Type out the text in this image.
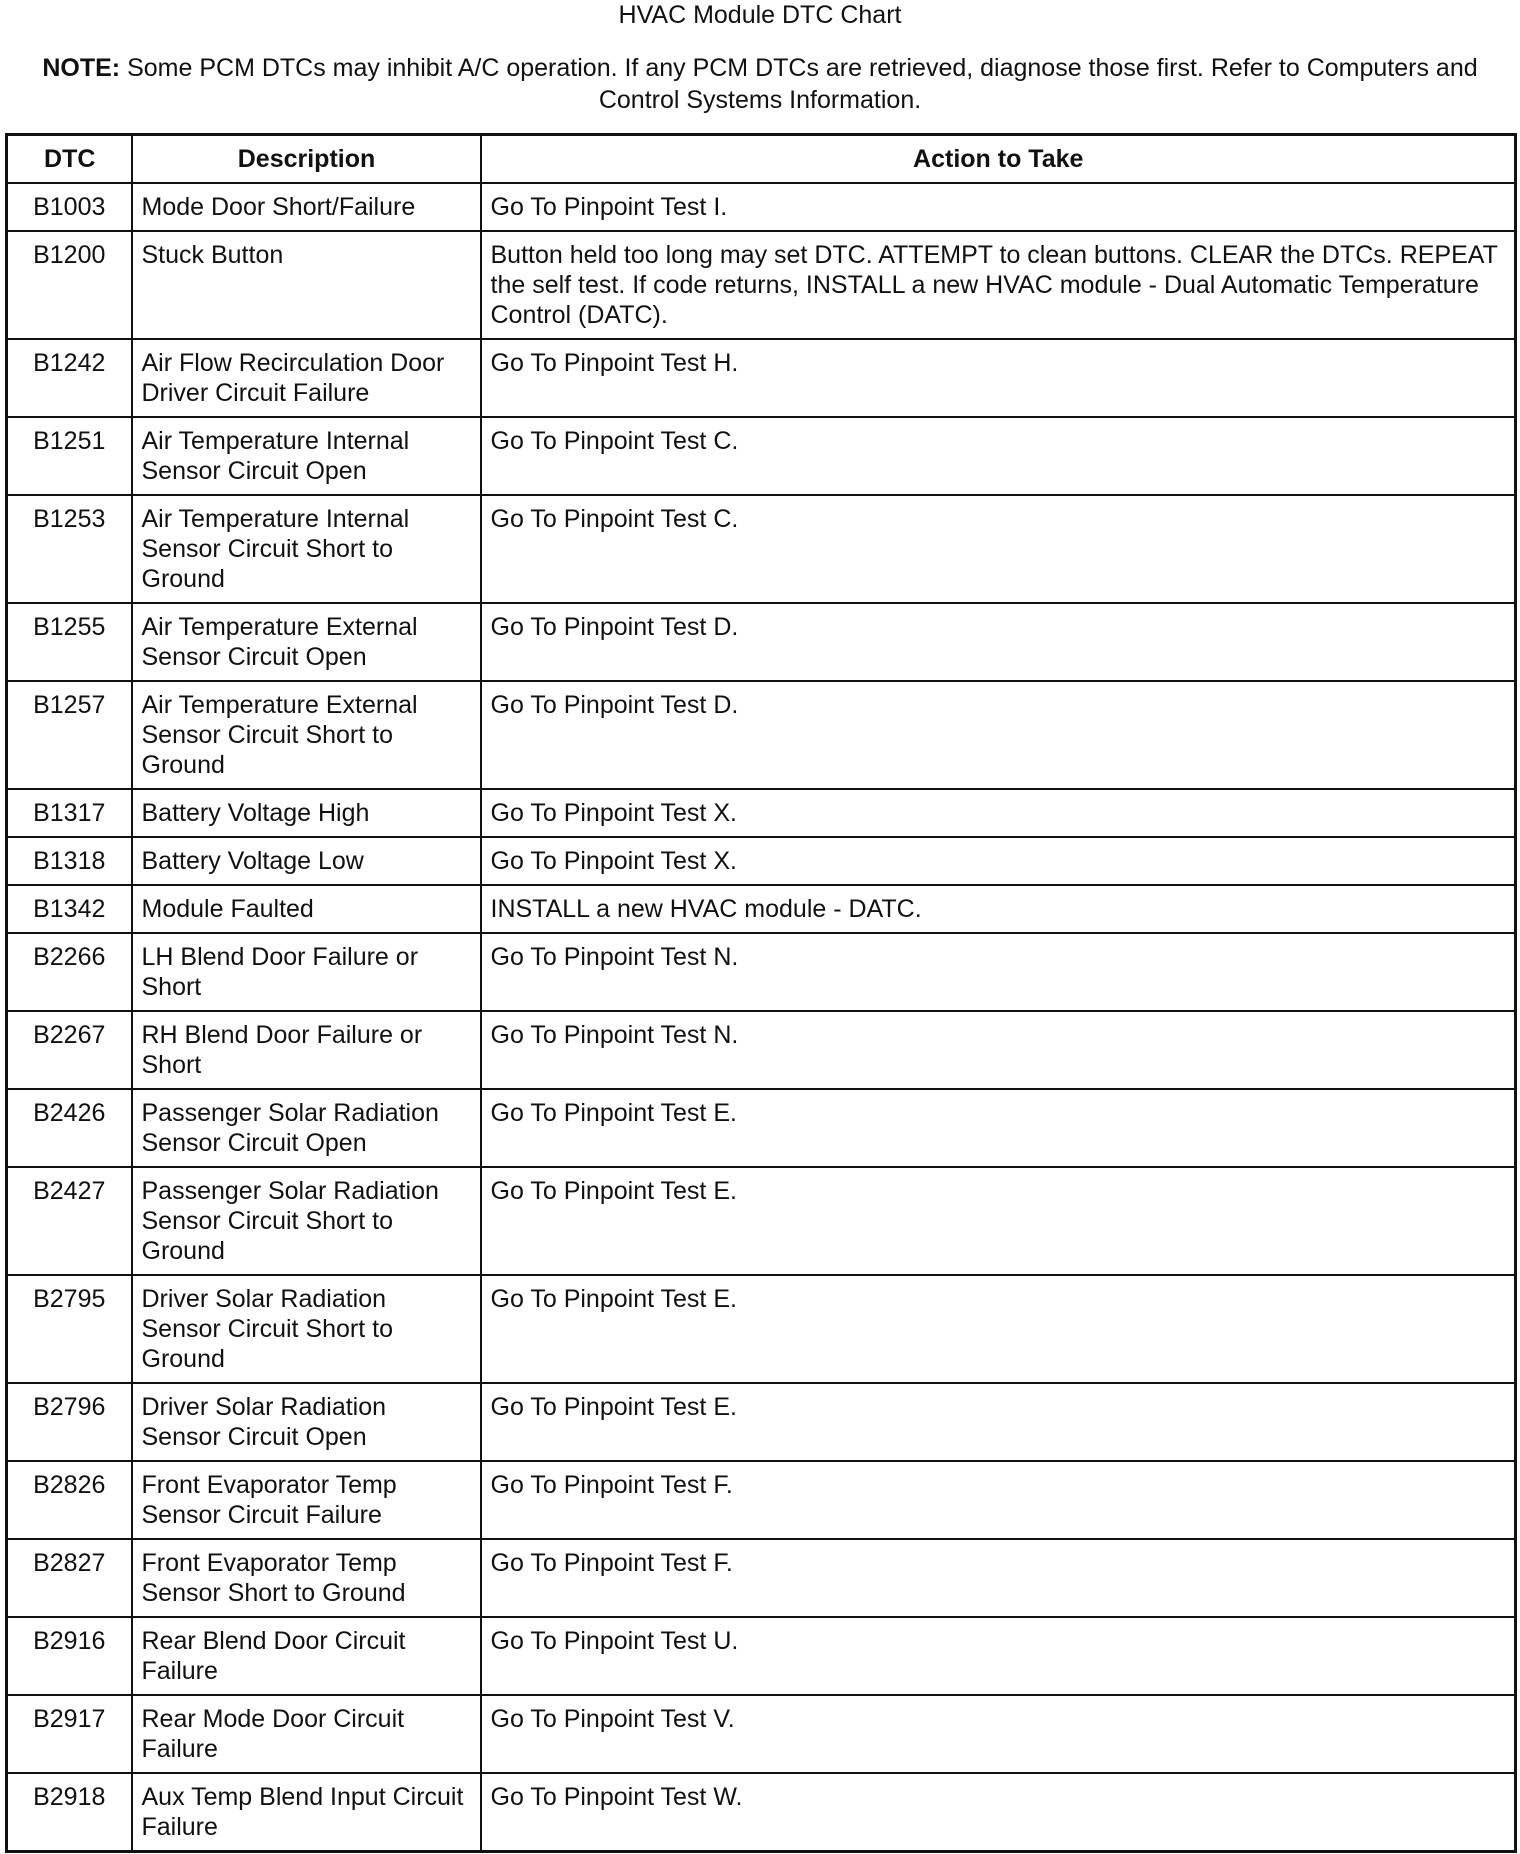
HVAC Module DTC Chart
NOTE: Some PCM DTCs may inhibit A/C operation. If any PCM DTCs are retrieved, diagnose those first. Refer to Computers and Control Systems Information.
DTC	Description	Action to Take
B1003	Mode Door Short/Failure	Go To Pinpoint Test I.
B1200	Stuck Button	Button held too long may set DTC. ATTEMPT to clean buttons. CLEAR the DTCs. REPEAT the self test. If code returns, INSTALL a new HVAC module - Dual Automatic Temperature Control (DATC).
B1242	Air Flow Recirculation Door Driver Circuit Failure	Go To Pinpoint Test H.
B1251	Air Temperature Internal Sensor Circuit Open	Go To Pinpoint Test C.
B1253	Air Temperature Internal Sensor Circuit Short to Ground	Go To Pinpoint Test C.
B1255	Air Temperature External Sensor Circuit Open	Go To Pinpoint Test D.
B1257	Air Temperature External Sensor Circuit Short to Ground	Go To Pinpoint Test D.
B1317	Battery Voltage High	Go To Pinpoint Test X.
B1318	Battery Voltage Low	Go To Pinpoint Test X.
B1342	Module Faulted	INSTALL a new HVAC module - DATC.
B2266	LH Blend Door Failure or Short	Go To Pinpoint Test N.
B2267	RH Blend Door Failure or Short	Go To Pinpoint Test N.
B2426	Passenger Solar Radiation Sensor Circuit Open	Go To Pinpoint Test E.
B2427	Passenger Solar Radiation Sensor Circuit Short to Ground	Go To Pinpoint Test E.
B2795	Driver Solar Radiation Sensor Circuit Short to Ground	Go To Pinpoint Test E.
B2796	Driver Solar Radiation Sensor Circuit Open	Go To Pinpoint Test E.
B2826	Front Evaporator Temp Sensor Circuit Failure	Go To Pinpoint Test F.
B2827	Front Evaporator Temp Sensor Short to Ground	Go To Pinpoint Test F.
B2916	Rear Blend Door Circuit Failure	Go To Pinpoint Test U.
B2917	Rear Mode Door Circuit Failure	Go To Pinpoint Test V.
B2918	Aux Temp Blend Input Circuit Failure	Go To Pinpoint Test W.
